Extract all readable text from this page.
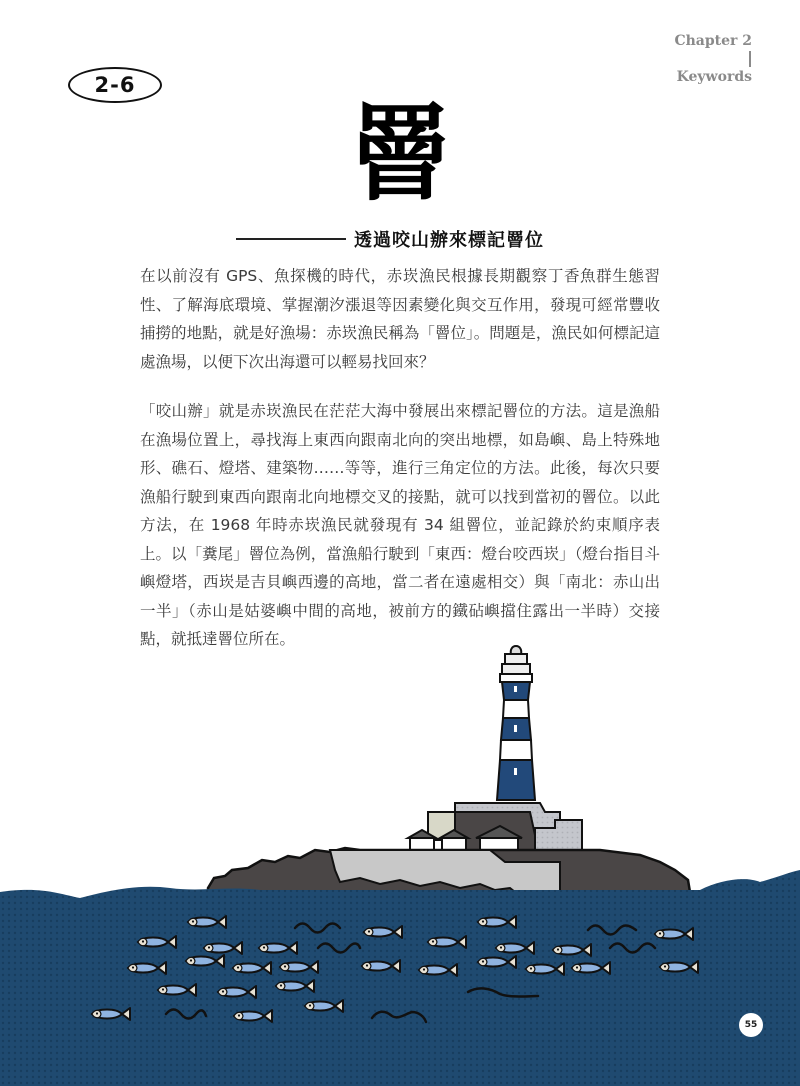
Chapter 2
Keywords
2-6
罾
透過咬山辦來標記罾位

在以前沒有 GPS、魚探機的時代，赤崁漁民根據長期觀察丁香魚群生態習性、了解海底環境、掌握潮汐漲退等因素變化與交互作用，發現可經常豐收捕撈的地點，就是好漁場：赤崁漁民稱為「罾位」。問題是，漁民如何標記這處漁場，以便下次出海還可以輕易找回來？

「咬山辦」就是赤崁漁民在茫茫大海中發展出來標記罾位的方法。這是漁船在漁場位置上，尋找海上東西向跟南北向的突出地標，如島嶼、島上特殊地形、礁石、燈塔、建築物……等等，進行三角定位的方法。此後，每次只要漁船行駛到東西向跟南北向地標交叉的接點，就可以找到當初的罾位。以此方法，在 1968 年時赤崁漁民就發現有 34 組罾位，並記錄於約束順序表上。以「糞尾」罾位為例，當漁船行駛到「東西：燈台咬西崁」（燈台指目斗嶼燈塔，西崁是吉貝嶼西邊的高地，當二者在遠處相交）與「南北：赤山出一半」（赤山是姑婆嶼中間的高地，被前方的鐵砧嶼擋住露出一半時）交接點，就抵達罾位所在。

55
